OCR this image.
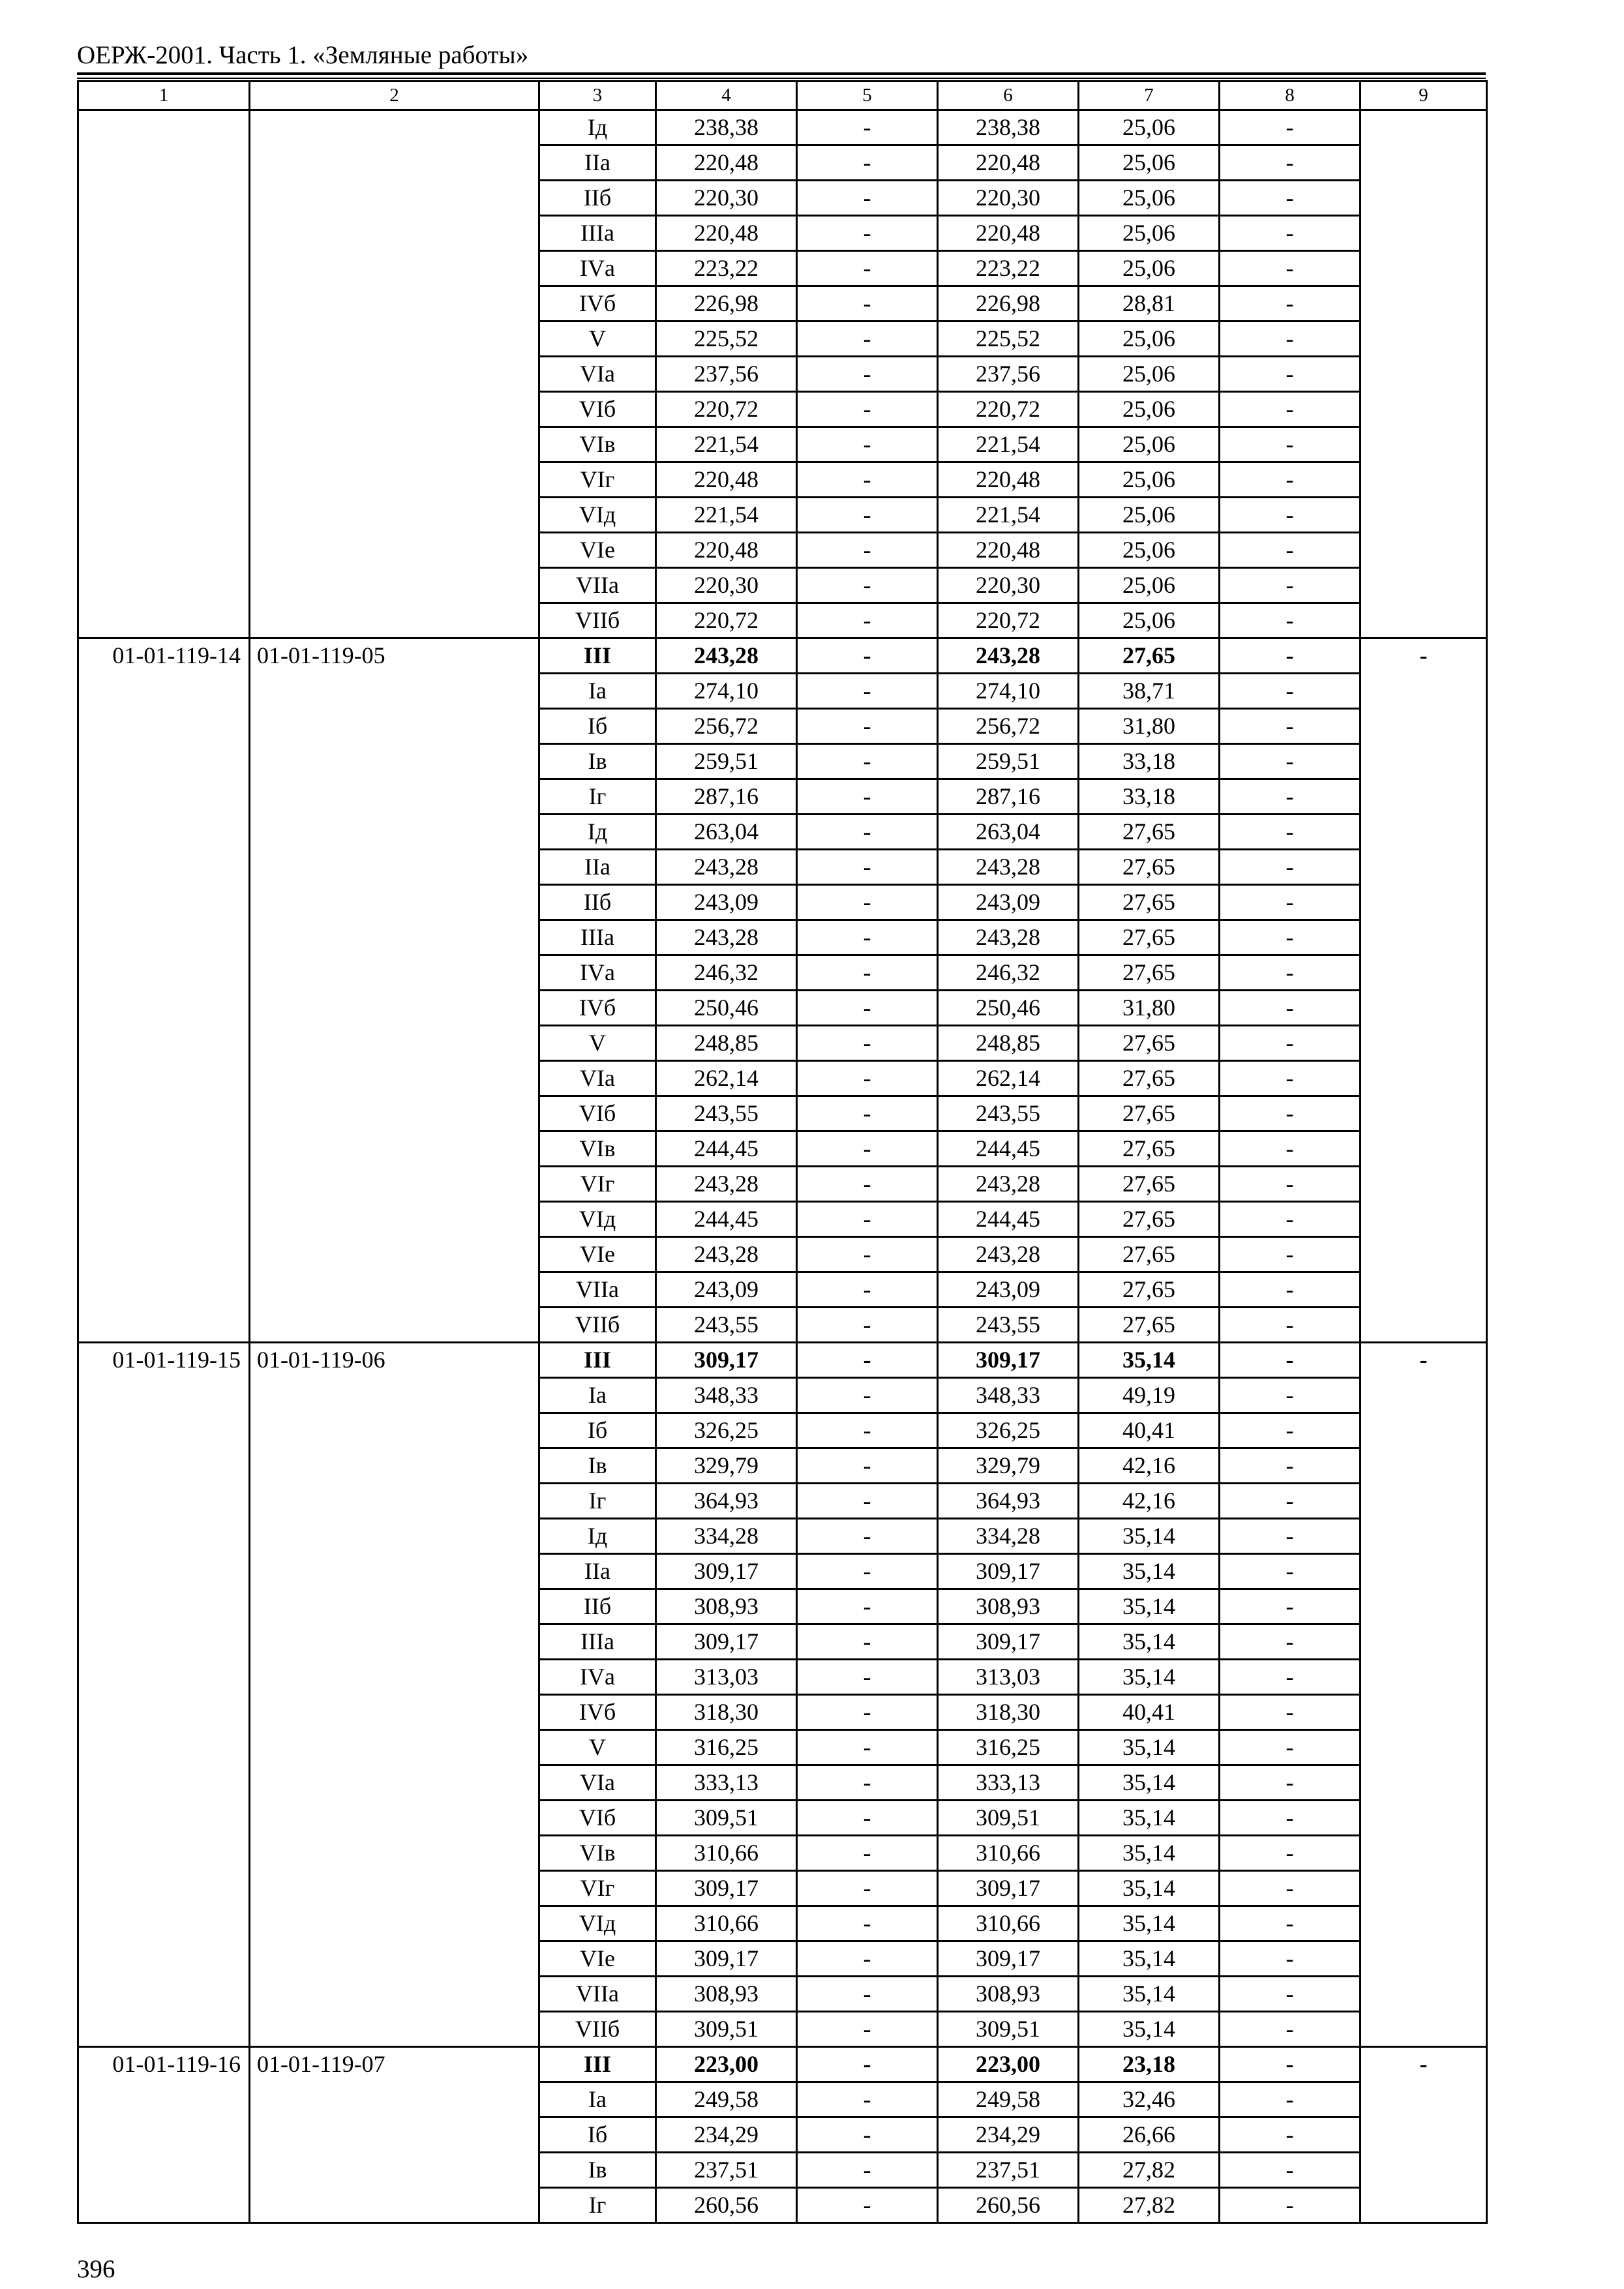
ОЕРЖ-2001. Часть 1. «Земляные работы»
1	2	3	4	5	6	7	8	9
		Iд	238,38	-	238,38	25,06	-	
		IIа	220,48	-	220,48	25,06	-	
		IIб	220,30	-	220,30	25,06	-	
		IIIа	220,48	-	220,48	25,06	-	
		IVа	223,22	-	223,22	25,06	-	
		IVб	226,98	-	226,98	28,81	-	
		V	225,52	-	225,52	25,06	-	
		VIа	237,56	-	237,56	25,06	-	
		VIб	220,72	-	220,72	25,06	-	
		VIв	221,54	-	221,54	25,06	-	
		VIг	220,48	-	220,48	25,06	-	
		VIд	221,54	-	221,54	25,06	-	
		VIе	220,48	-	220,48	25,06	-	
		VIIа	220,30	-	220,30	25,06	-	
		VIIб	220,72	-	220,72	25,06	-	
01-01-119-14	01-01-119-05	III	243,28	-	243,28	27,65	-	-
		Iа	274,10	-	274,10	38,71	-	
		Iб	256,72	-	256,72	31,80	-	
		Iв	259,51	-	259,51	33,18	-	
		Iг	287,16	-	287,16	33,18	-	
		Iд	263,04	-	263,04	27,65	-	
		IIа	243,28	-	243,28	27,65	-	
		IIб	243,09	-	243,09	27,65	-	
		IIIа	243,28	-	243,28	27,65	-	
		IVа	246,32	-	246,32	27,65	-	
		IVб	250,46	-	250,46	31,80	-	
		V	248,85	-	248,85	27,65	-	
		VIа	262,14	-	262,14	27,65	-	
		VIб	243,55	-	243,55	27,65	-	
		VIв	244,45	-	244,45	27,65	-	
		VIг	243,28	-	243,28	27,65	-	
		VIд	244,45	-	244,45	27,65	-	
		VIе	243,28	-	243,28	27,65	-	
		VIIа	243,09	-	243,09	27,65	-	
		VIIб	243,55	-	243,55	27,65	-	
01-01-119-15	01-01-119-06	III	309,17	-	309,17	35,14	-	-
		Iа	348,33	-	348,33	49,19	-	
		Iб	326,25	-	326,25	40,41	-	
		Iв	329,79	-	329,79	42,16	-	
		Iг	364,93	-	364,93	42,16	-	
		Iд	334,28	-	334,28	35,14	-	
		IIа	309,17	-	309,17	35,14	-	
		IIб	308,93	-	308,93	35,14	-	
		IIIа	309,17	-	309,17	35,14	-	
		IVа	313,03	-	313,03	35,14	-	
		IVб	318,30	-	318,30	40,41	-	
		V	316,25	-	316,25	35,14	-	
		VIа	333,13	-	333,13	35,14	-	
		VIб	309,51	-	309,51	35,14	-	
		VIв	310,66	-	310,66	35,14	-	
		VIг	309,17	-	309,17	35,14	-	
		VIд	310,66	-	310,66	35,14	-	
		VIе	309,17	-	309,17	35,14	-	
		VIIа	308,93	-	308,93	35,14	-	
		VIIб	309,51	-	309,51	35,14	-	
01-01-119-16	01-01-119-07	III	223,00	-	223,00	23,18	-	-
		Iа	249,58	-	249,58	32,46	-	
		Iб	234,29	-	234,29	26,66	-	
		Iв	237,51	-	237,51	27,82	-	
		Iг	260,56	-	260,56	27,82	-	
396
